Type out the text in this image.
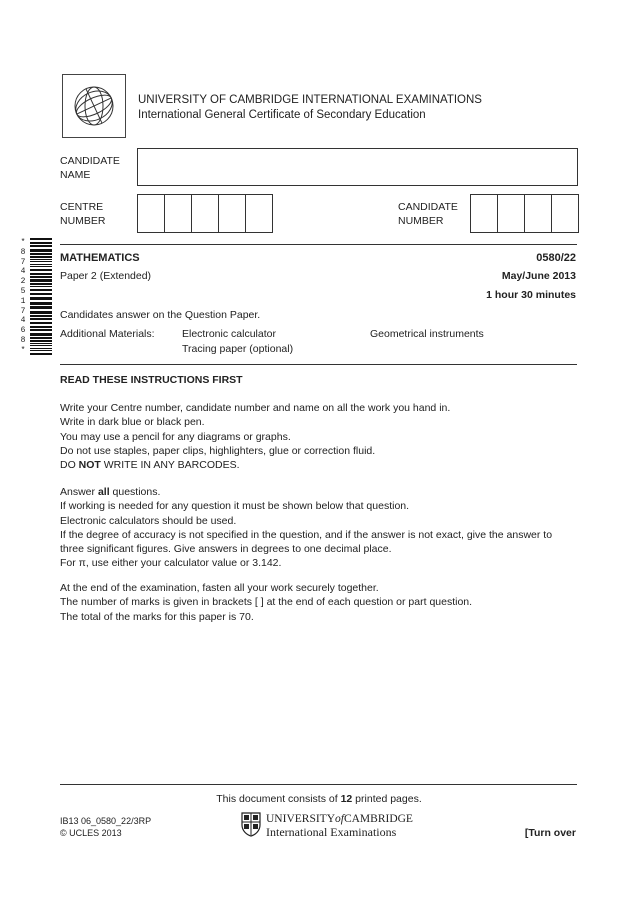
UNIVERSITY OF CAMBRIDGE INTERNATIONAL EXAMINATIONS
International General Certificate of Secondary Education
CANDIDATE
NAME
CENTRE
NUMBER
CANDIDATE
NUMBER
*
8
7
4
2
5
1
7
4
6
8
*
MATHEMATICS	0580/22
Paper 2 (Extended)	May/June 2013
1 hour 30 minutes
Candidates answer on the Question Paper.
Additional Materials:	Electronic calculator
Tracing paper (optional)
Geometrical instruments
READ THESE INSTRUCTIONS FIRST
Write your Centre number, candidate number and name on all the work you hand in.
Write in dark blue or black pen.
You may use a pencil for any diagrams or graphs.
Do not use staples, paper clips, highlighters, glue or correction fluid.
DO NOT WRITE IN ANY BARCODES.
Answer all questions.
If working is needed for any question it must be shown below that question.
Electronic calculators should be used.
If the degree of accuracy is not specified in the question, and if the answer is not exact, give the answer to
three significant figures. Give answers in degrees to one decimal place.
For π, use either your calculator value or 3.142.
At the end of the examination, fasten all your work securely together.
The number of marks is given in brackets [ ] at the end of each question or part question.
The total of the marks for this paper is 70.
This document consists of 12 printed pages.
IB13 06_0580_22/3RP
© UCLES 2013
UNIVERSITYofCAMBRIDGE
International Examinations	[Turn over
